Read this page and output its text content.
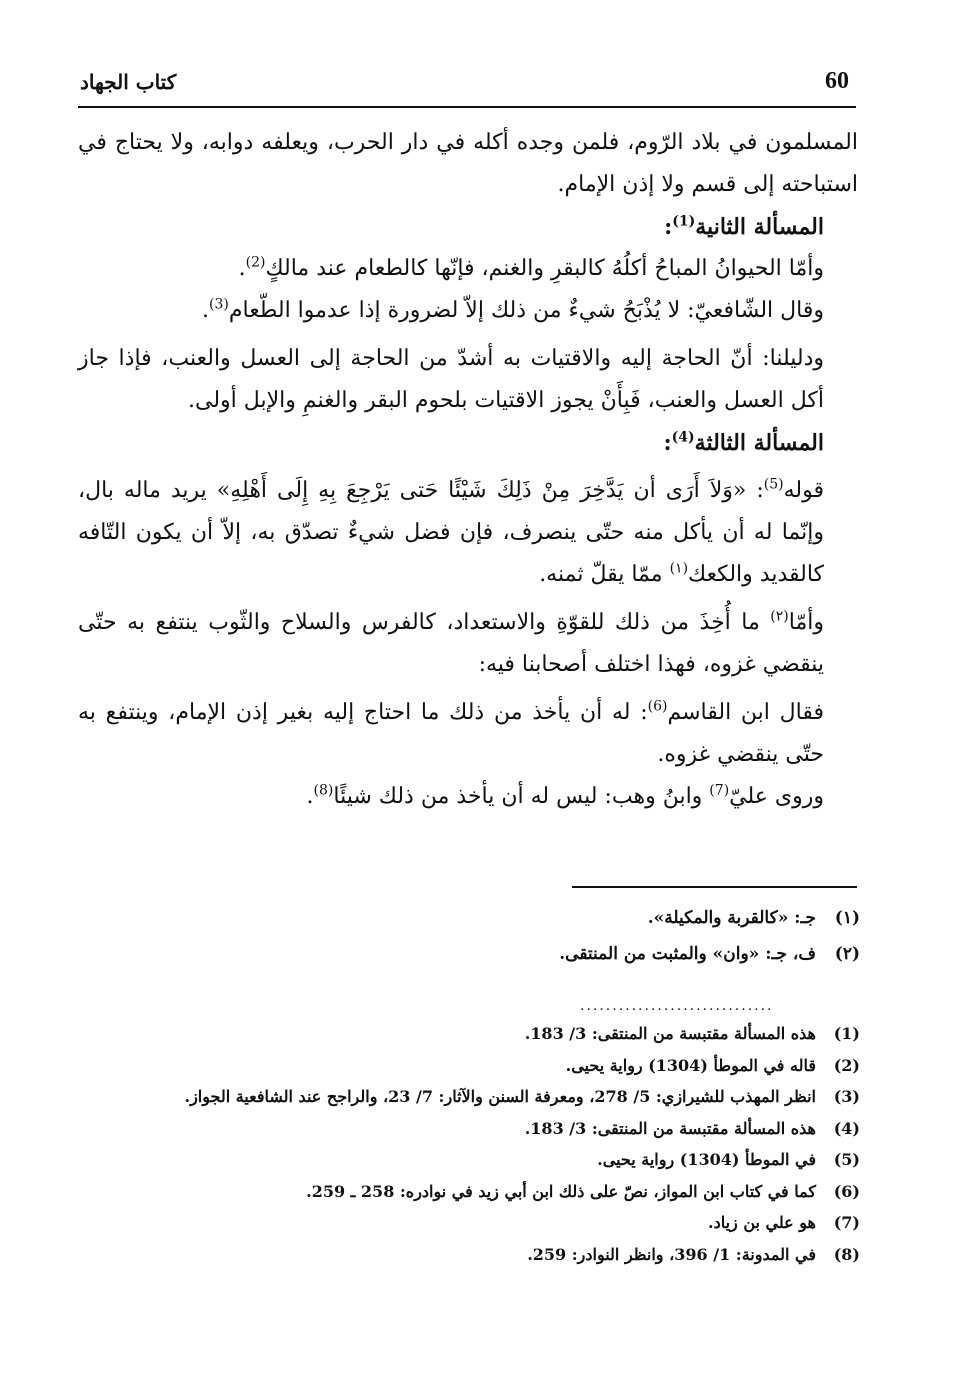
60
كتاب الجهاد

المسلمون في بلاد الرّوم، فلمن وجده أكله في دار الحرب، ويعلفه دوابه، ولا يحتاج في استباحته إلى قسم ولا إذن الإمام.

المسألة الثانية$^{(1)}$:

وأمّا الحيوانُ المباحُ أكلُهُ كالبقرِ والغنم، فإنّها كالطعام عند مالكٍ$^{(2)}$.

وقال الشّافعيّ: لا يُذْبَحُ شيءٌ من ذلك إلاّ لضرورة إذا عدموا الطّعام$^{(3)}$.

ودليلنا: أنّ الحاجة إليه والاقتيات به أشدّ من الحاجة إلى العسل والعنب، فإذا جاز أكل العسل والعنب، فَبِأَنْ يجوز الاقتيات بلحوم البقر والغنمِ والإبل أولى.

المسألة الثالثة$^{(4)}$:

قوله$^{(5)}$: «وَلاَ أَرَى أن يَدَّخِرَ مِنْ ذَلِكَ شَيْئًا حَتى يَرْجِعَ بِهِ إِلَى أَهْلِهِ» يريد ماله بال، وإنّما له أن يأكل منه حتّى ينصرف، فإن فضل شيءٌ تصدّق به، إلاّ أن يكون التّافه كالقديد والكعك$^{(١)}$ ممّا يقلّ ثمنه.

وأمّا$^{(٢)}$ ما أُخِذَ من ذلك للقوّةِ والاستعداد، كالفرس والسلاح والثّوب ينتفع به حتّى ينقضي غزوه، فهذا اختلف أصحابنا فيه:

فقال ابن القاسم$^{(6)}$: له أن يأخذ من ذلك ما احتاج إليه بغير إذن الإمام، وينتفع به حتّى ينقضي غزوه.

وروى عليّ$^{(7)}$ وابنُ وهب: ليس له أن يأخذ من ذلك شيئًا$^{(8)}$.

(١)
جـ: «كالقربة والمكيلة».
(٢)
ف، جـ: «وان» والمثبت من المنتقى.
..............................
(1)
هذه المسألة مقتبسة من المنتقى: 3/ 183.
(2)
قاله في الموطأ (1304) رواية يحيى.
(3)
انظر المهذب للشيرازي: 5/ 278، ومعرفة السنن والآثار: 7/ 23، والراجح عند الشافعية الجواز.
(4)
هذه المسألة مقتبسة من المنتقى: 3/ 183.
(5)
في الموطأ (1304) رواية يحيى.
(6)
كما في كتاب ابن المواز، نصّ على ذلك ابن أبي زيد في نوادره: 258 ـ 259.
(7)
هو علي بن زياد.
(8)
في المدونة: 1/ 396، وانظر النوادر: 259.
